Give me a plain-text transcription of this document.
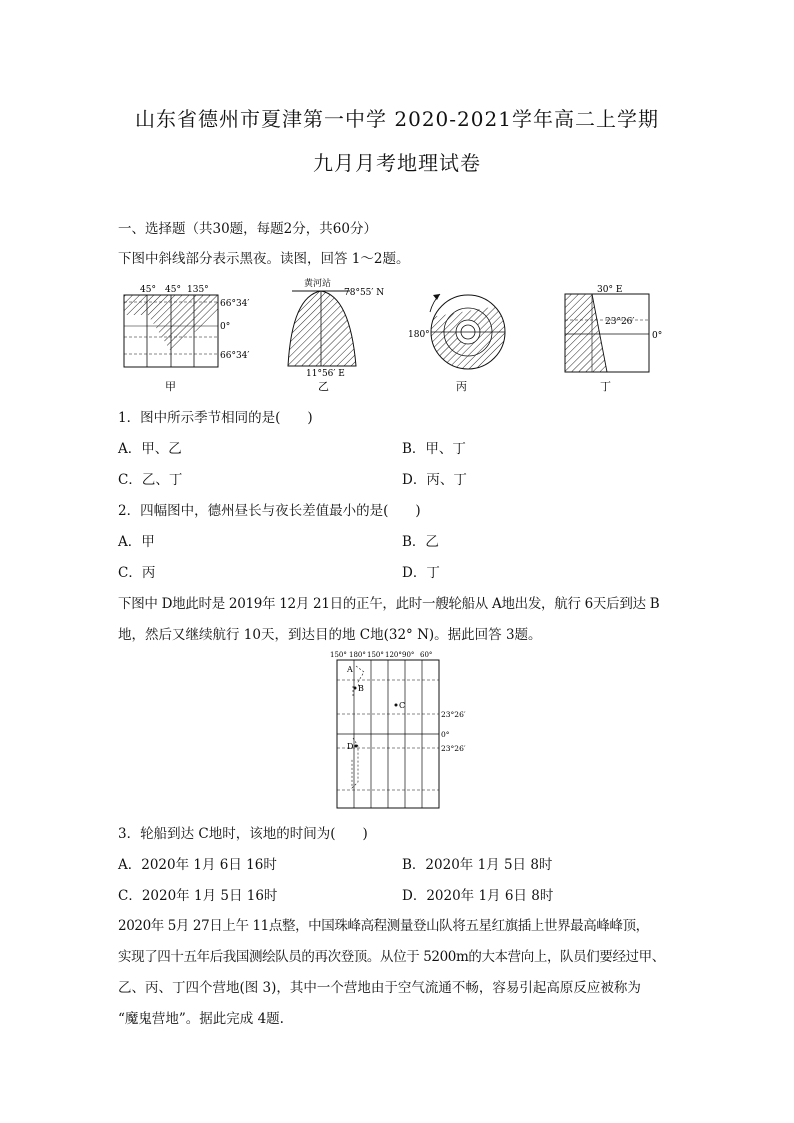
山东省德州市夏津第一中学 2020-2021学年高二上学期
九月月考地理试卷
一、选择题（共30题，每题2分，共60分）
下图中斜线部分表示黑夜。读图，回答 1～2题。
45° 45° 135°
66°34′
0°
66°34′
甲
黄河站
78°55′ N
11°56′ E
乙
180°
丙
30° E
23°26′
0°
丁
1．图中所示季节相同的是(　　)
A．甲、乙	B．甲、丁
C．乙、丁	D．丙、丁
2．四幅图中，德州昼长与夜长差值最小的是(　　)
A．甲	B．乙
C．丙	D．丁
下图中 D地此时是 2019年 12月 21日的正午，此时一艘轮船从 A地出发，航行 6天后到达 B
地，然后又继续航行 10天，到达目的地 C地(32° N)。据此回答 3题。
150° 180° 150° 120° 90° 60°
A
B
C
D
23°26′
0°
23°26′
3．轮船到达 C地时，该地的时间为(　　)
A．2020年 1月 6日 16时	B．2020年 1月 5日 8时
C．2020年 1月 5日 16时	D．2020年 1月 6日 8时
2020年 5月 27日上午 11点整，中国珠峰高程测量登山队将五星红旗插上世界最高峰峰顶，
实现了四十五年后我国测绘队员的再次登顶。从位于 5200m的大本营向上，队员们要经过甲、
乙、丙、丁四个营地(图 3)，其中一个营地由于空气流通不畅，容易引起高原反应被称为
“魔鬼营地”。据此完成 4题.
